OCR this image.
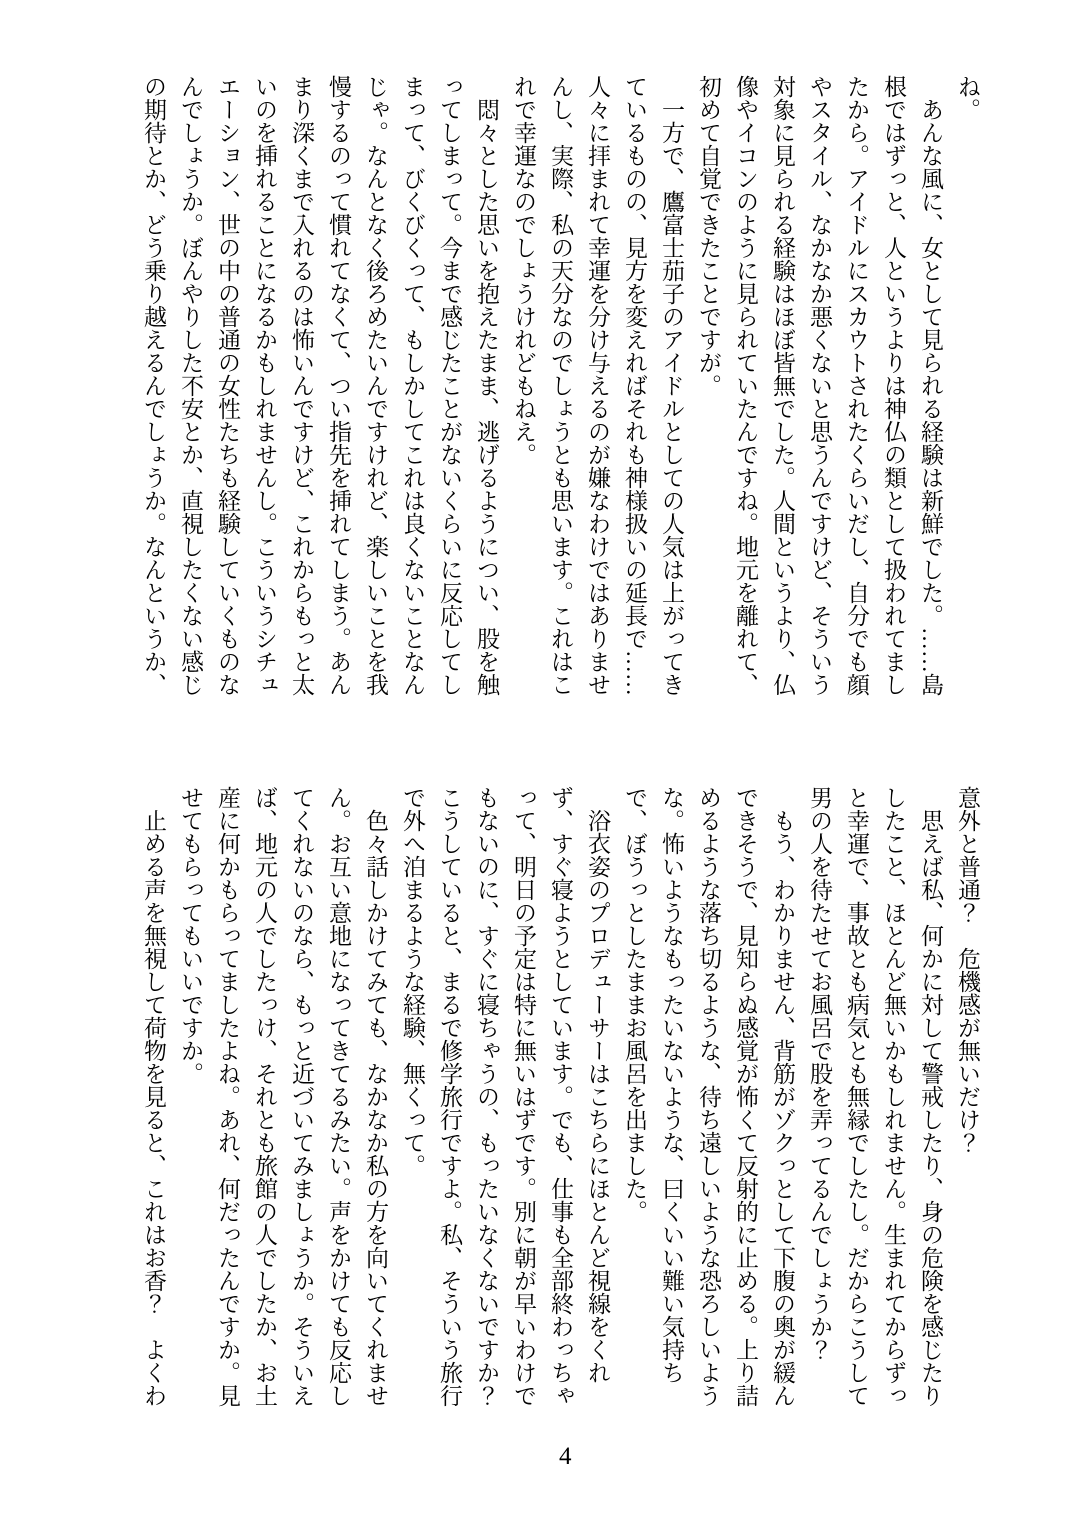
ね。

あんな風に、女として見られる経験は新鮮でした。……島根ではずっと、人というよりは神仏の類として扱われてましたから。アイドルにスカウトされたくらいだし、自分でも顔やスタイル、なかなか悪くないと思うんですけど、そういう対象に見られる経験はほぼ皆無でした。人間というより、仏像やイコンのように見られていたんですね。地元を離れて、初めて自覚できたことですが。

一方で、鷹富士茄子のアイドルとしての人気は上がってきているものの、見方を変えればそれも神様扱いの延長で……人々に拝まれて幸運を分け与えるのが嫌なわけではありませんし、実際、私の天分なのでしょうとも思います。これはこれで幸運なのでしょうけれどもねえ。

悶々とした思いを抱えたまま、逃げるようについ、股を触ってしまって。今まで感じたことがないくらいに反応してしまって、びくびくって、もしかしてこれは良くないことなんじゃ。なんとなく後ろめたいんですけれど、楽しいことを我慢するのって慣れてなくて、つい指先を挿れてしまう。あんまり深くまで入れるのは怖いんですけど、これからもっと太いのを挿れることになるかもしれませんし。こういうシチュエーション、世の中の普通の女性たちも経験していくものなんでしょうか。ぼんやりした不安とか、直視したくない感じの期待とか、どう乗り越えるんでしょうか。なんというか、

意外と普通？　危機感が無いだけ？

思えば私、何かに対して警戒したり、身の危険を感じたりしたこと、ほとんど無いかもしれません。生まれてからずっと幸運で、事故とも病気とも無縁でしたし。だからこうして男の人を待たせてお風呂で股を弄ってるんでしょうか？

もう、わかりません、背筋がゾクっとして下腹の奥が緩んできそうで、見知らぬ感覚が怖くて反射的に止める。上り詰めるような落ち切るような、待ち遠しいような恐ろしいような。怖いようなもったいないような、曰くいい難い気持ちで、ぼうっとしたままお風呂を出ました。

浴衣姿のプロデューサーはこちらにほとんど視線をくれず、すぐ寝ようとしています。でも、仕事も全部終わっちゃって、明日の予定は特に無いはずです。別に朝が早いわけでもないのに、すぐに寝ちゃうの、もったいなくないですか？　こうしていると、まるで修学旅行ですよ。私、そういう旅行で外へ泊まるような経験、無くって。

色々話しかけてみても、なかなか私の方を向いてくれません。お互い意地になってきてるみたい。声をかけても反応してくれないのなら、もっと近づいてみましょうか。そういえば、地元の人でしたっけ、それとも旅館の人でしたか、お土産に何かもらってましたよね。あれ、何だったんですか。見せてもらってもいいですか。

止める声を無視して荷物を見ると、これはお香？　よくわ

4
